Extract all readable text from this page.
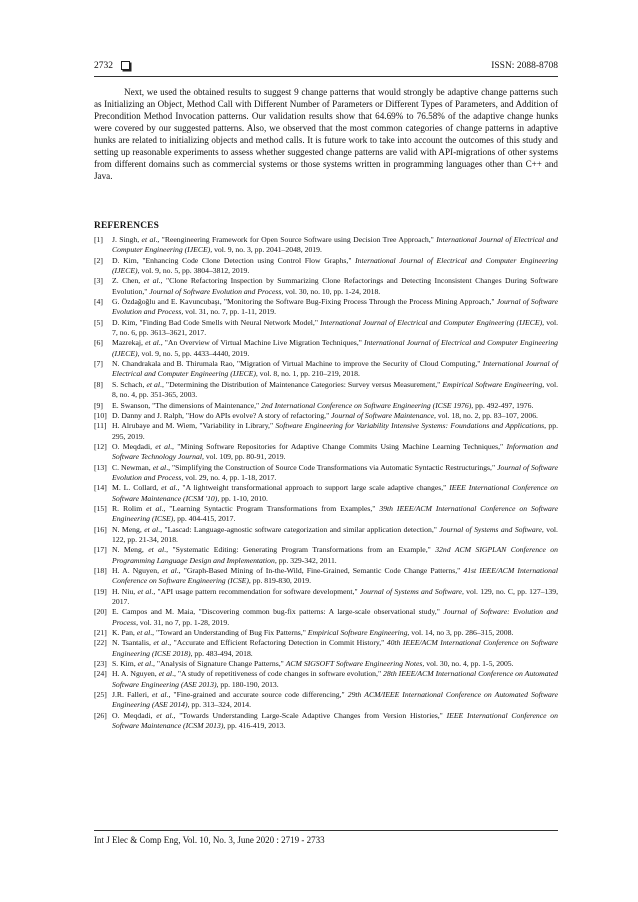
2732	ISSN: 2088-8708

Next, we used the obtained results to suggest 9 change patterns that would strongly be adaptive change patterns such as Initializing an Object, Method Call with Different Number of Parameters or Different Types of Parameters, and Addition of Precondition Method Invocation patterns. Our validation results show that 64.69% to 76.58% of the adaptive change hunks were covered by our suggested patterns. Also, we observed that the most common categories of change patterns in adaptive hunks are related to initializing objects and method calls. It is future work to take into account the outcomes of this study and setting up reasonable experiments to assess whether suggested change patterns are valid with API-migrations of other systems from different domains such as commercial systems or those systems written in programming languages other than C++ and Java.

REFERENCES
[1] J. Singh, et al., "Reengineering Framework for Open Source Software using Decision Tree Approach," International Journal of Electrical and Computer Engineering (IJECE), vol. 9, no. 3, pp. 2041–2048, 2019.
[2] D. Kim, "Enhancing Code Clone Detection using Control Flow Graphs," International Journal of Electrical and Computer Engineering (IJECE), vol. 9, no. 5, pp. 3804–3812, 2019.
[3] Z. Chen, et al., "Clone Refactoring Inspection by Summarizing Clone Refactorings and Detecting Inconsistent Changes During Software Evolution," Journal of Software Evolution and Process, vol. 30, no. 10, pp. 1-24, 2018.
[4] G. Özdağoğlu and E. Kavuncubaşı, "Monitoring the Software Bug-Fixing Process Through the Process Mining Approach," Journal of Software Evolution and Process, vol. 31, no. 7, pp. 1-11, 2019.
[5] D. Kim, "Finding Bad Code Smells with Neural Network Model," International Journal of Electrical and Computer Engineering (IJECE), vol. 7, no. 6, pp. 3613–3621, 2017.
[6] Mazrekaj, et al., "An Overview of Virtual Machine Live Migration Techniques," International Journal of Electrical and Computer Engineering (IJECE), vol. 9, no. 5, pp. 4433–4440, 2019.
[7] N. Chandrakala and B. Thirumala Rao, "Migration of Virtual Machine to improve the Security of Cloud Computing," International Journal of Electrical and Computer Engineering (IJECE), vol. 8, no. 1, pp. 210–219, 2018.
[8] S. Schach, et al., "Determining the Distribution of Maintenance Categories: Survey versus Measurement," Empirical Software Engineering, vol. 8, no. 4, pp. 351-365, 2003.
[9] E. Swanson, "The dimensions of Maintenance," 2nd International Conference on Software Engineering (ICSE 1976), pp. 492-497, 1976.
[10] D. Danny and J. Ralph, "How do APIs evolve? A story of refactoring," Journal of Software Maintenance, vol. 18, no. 2, pp. 83–107, 2006.
[11] H. Alrubaye and M. Wiem, "Variability in Library," Software Engineering for Variability Intensive Systems: Foundations and Applications, pp. 295, 2019.
[12] O. Meqdadi, et al., "Mining Software Repositories for Adaptive Change Commits Using Machine Learning Techniques," Information and Software Technology Journal, vol. 109, pp. 80-91, 2019.
[13] C. Newman, et al., "Simplifying the Construction of Source Code Transformations via Automatic Syntactic Restructurings," Journal of Software Evolution and Process, vol. 29, no. 4, pp. 1-18, 2017.
[14] M. L. Collard, et al., "A lightweight transformational approach to support large scale adaptive changes," IEEE International Conference on Software Maintenance (ICSM '10), pp. 1-10, 2010.
[15] R. Rolim et al., "Learning Syntactic Program Transformations from Examples," 39th IEEE/ACM International Conference on Software Engineering (ICSE), pp. 404-415, 2017.
[16] N. Meng, et al., "Lascad: Language-agnostic software categorization and similar application detection," Journal of Systems and Software, vol. 122, pp. 21-34, 2018.
[17] N. Meng, et al., "Systematic Editing: Generating Program Transformations from an Example," 32nd ACM SIGPLAN Conference on Programming Language Design and Implementation, pp. 329-342, 2011.
[18] H. A. Nguyen, et al., "Graph-Based Mining of In-the-Wild, Fine-Grained, Semantic Code Change Patterns," 41st IEEE/ACM International Conference on Software Engineering (ICSE), pp. 819-830, 2019.
[19] H. Niu, et al., "API usage pattern recommendation for software development," Journal of Systems and Software, vol. 129, no. C, pp. 127–139, 2017.
[20] E. Campos and M. Maia, "Discovering common bug-fix patterns: A large-scale observational study," Journal of Software: Evolution and Process, vol. 31, no 7, pp. 1-28, 2019.
[21] K. Pan, et al., "Toward an Understanding of Bug Fix Patterns," Empirical Software Engineering, vol. 14, no 3, pp. 286–315, 2008.
[22] N. Tsantalis, et al., "Accurate and Efficient Refactoring Detection in Commit History," 40th IEEE/ACM International Conference on Software Engineering (ICSE 2018), pp. 483-494, 2018.
[23] S. Kim, et al., "Analysis of Signature Change Patterns," ACM SIGSOFT Software Engineering Notes, vol. 30, no. 4, pp. 1-5, 2005.
[24] H. A. Nguyen, et al., "A study of repetitiveness of code changes in software evolution," 28th IEEE/ACM International Conference on Automated Software Engineering (ASE 2013), pp. 180-190, 2013.
[25] J.R. Falleri, et al., "Fine-grained and accurate source code differencing," 29th ACM/IEEE International Conference on Automated Software Engineering (ASE 2014), pp. 313–324, 2014.
[26] O. Meqdadi, et al., "Towards Understanding Large-Scale Adaptive Changes from Version Histories," IEEE International Conference on Software Maintenance (ICSM 2013), pp. 416-419, 2013.
Int J Elec & Comp Eng, Vol. 10, No. 3, June 2020 : 2719 - 2733
